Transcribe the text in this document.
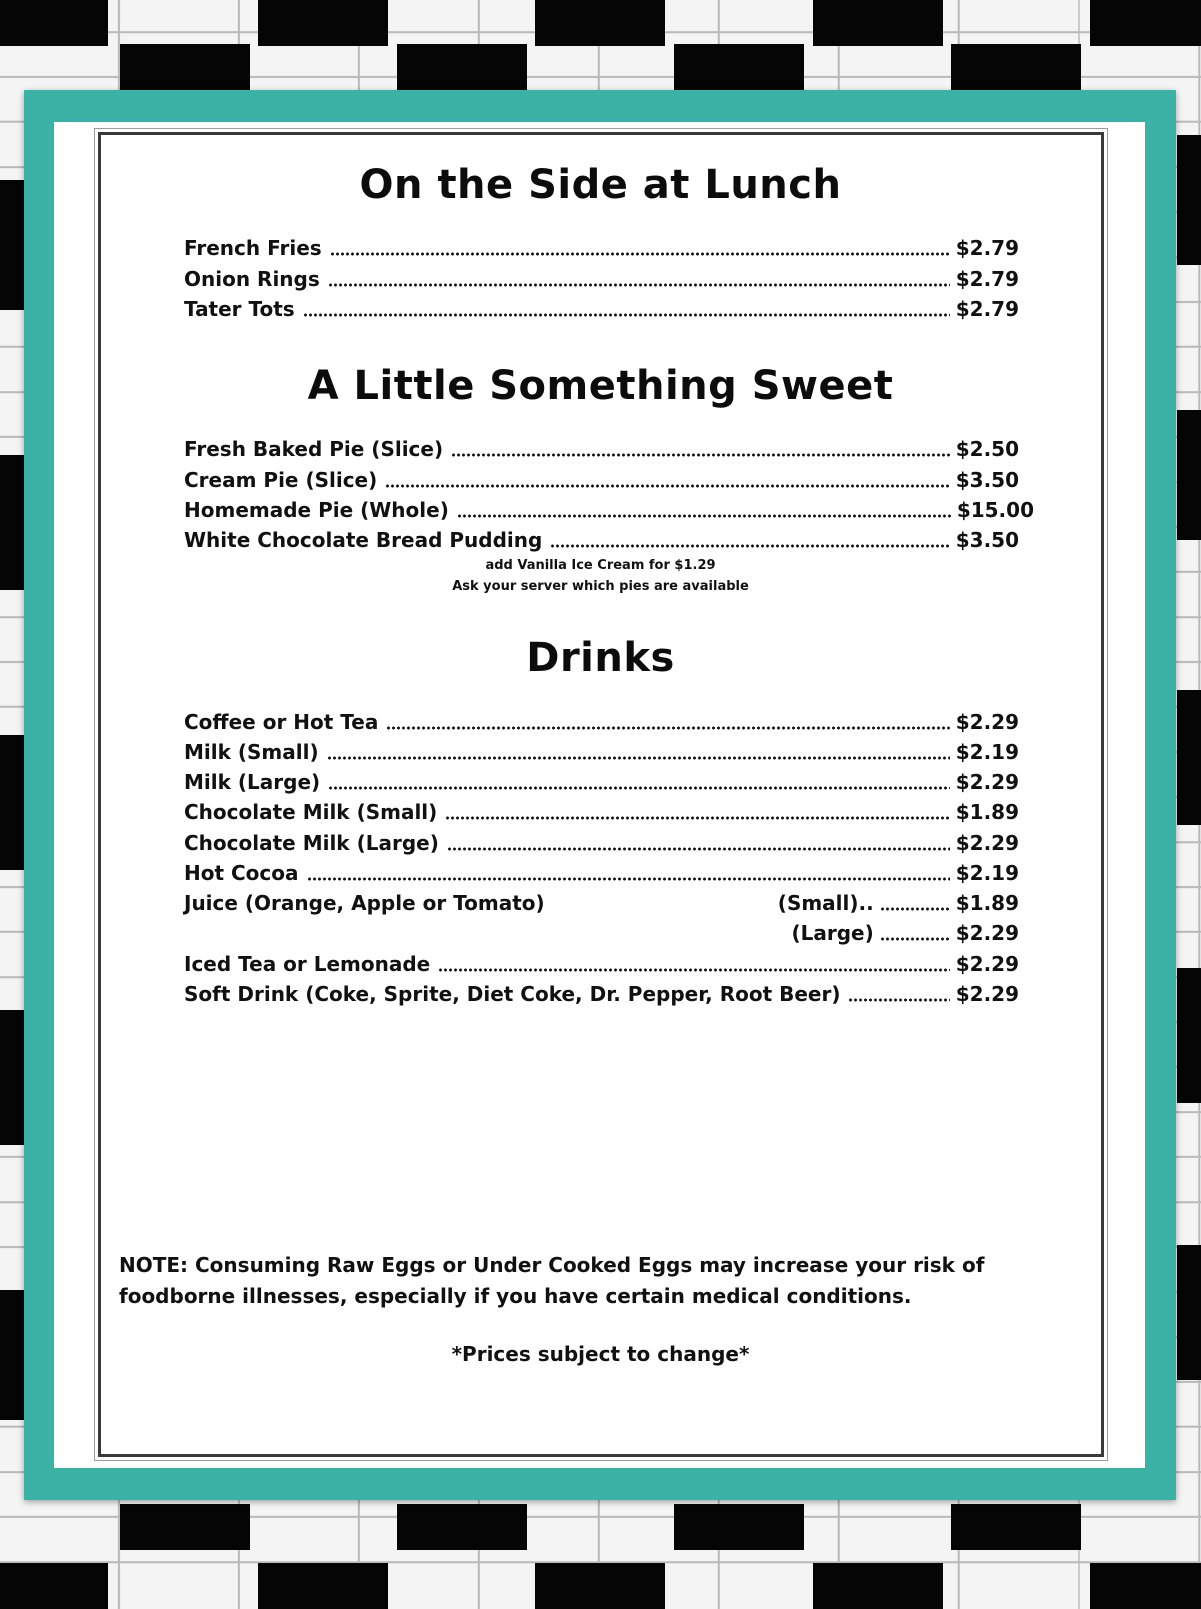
On the Side at Lunch
French Fries	$2.79
Onion Rings	$2.79
Tater Tots	$2.79
A Little Something Sweet
Fresh Baked Pie (Slice)	$2.50
Cream Pie (Slice)	$3.50
Homemade Pie (Whole)	$15.00
White Chocolate Bread Pudding	$3.50
add Vanilla Ice Cream for $1.29
Ask your server which pies are available
Drinks
Coffee or Hot Tea	$2.29
Milk (Small)	$2.19
Milk (Large)	$2.29
Chocolate Milk (Small)	$1.89
Chocolate Milk (Large)	$2.29
Hot Cocoa	$2.19
Juice (Orange, Apple or Tomato)	(Small)..	$1.89
(Large)	$2.29
Iced Tea or Lemonade	$2.29
Soft Drink (Coke, Sprite, Diet Coke, Dr. Pepper, Root Beer)	$2.29
NOTE: Consuming Raw Eggs or Under Cooked Eggs may increase your risk of foodborne illnesses, especially if you have certain medical conditions.
*Prices subject to change*
